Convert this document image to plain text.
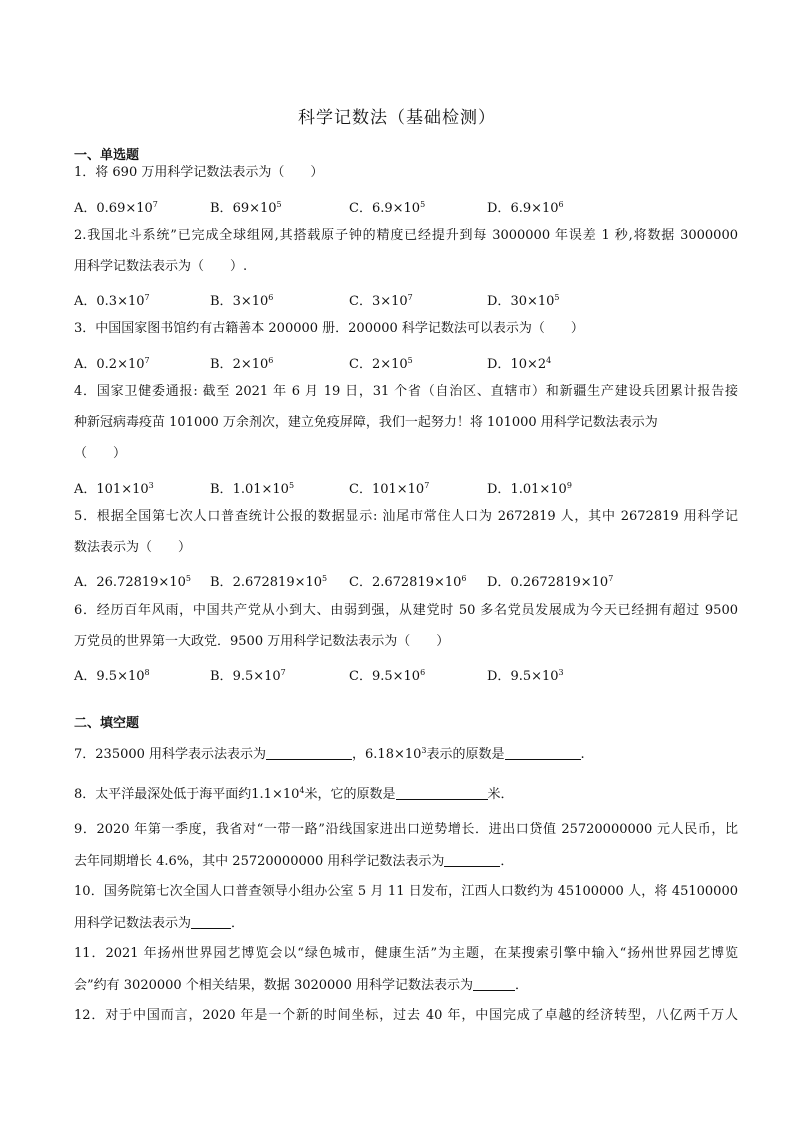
科学记数法（基础检测）
一、单选题
1．将 690 万用科学记数法表示为（　　）
A．$0.69\times 10^7$	B．$69\times 10^5$	C．$6.9\times 10^5$	D．$6.9\times 10^6$
2.我国北斗系统”已完成全球组网,其搭载原子钟的精度已经提升到每 3000000 年误差 1 秒,将数据 3000000
用科学记数法表示为（　　）.
A．$0.3\times 10^7$	B．$3\times 10^6$	C．$3\times 10^7$	D．$30\times 10^5$
3．中国国家图书馆约有古籍善本 200000 册．200000 科学记数法可以表示为（　　）
A．$0.2\times 10^7$	B．$2\times 10^6$	C．$2\times 10^5$	D．$10\times 2^4$
4．国家卫健委通报: 截至 2021 年 6 月 19 日，31 个省（自治区、直辖市）和新疆生产建设兵团累计报告接
种新冠病毒疫苗 101000 万余剂次，建立免疫屏障，我们一起努力！将 101000 用科学记数法表示为
（　　）
A．$101\times 10^3$	B．$1.01\times 10^5$	C．$101\times 10^7$	D．$1.01\times 10^9$
5．根据全国第七次人口普查统计公报的数据显示: 汕尾市常住人口为 2672819 人，其中 2672819 用科学记
数法表示为（　　）
A．$26.72819\times 10^5$ B．$2.672819\times 10^5$ C．$2.672819\times 10^6$ D．$0.2672819\times 10^7$
6．经历百年风雨，中国共产党从小到大、由弱到强，从建党时 50 多名党员发展成为今天已经拥有超过 9500
万党员的世界第一大政党．9500 万用科学记数法表示为（　　）
A．$9.5\times 10^8$	B．$9.5\times 10^7$	C．$9.5\times 10^6$	D．$9.5\times 10^3$
二、填空题
7．235000 用科学表示法表示为	，$6.18\times 10^3$表示的原数是	.
8．太平洋最深处低于海平面约$1.1\times 10^4$米，它的原数是	米．
9．2020 年第一季度，我省对“一带一路”沿线国家进出口逆势增长．进出口贷值 25720000000 元人民币，比
去年同期增长 4.6%，其中 25720000000 用科学记数法表示为	．
10．国务院第七次全国人口普查领导小组办公室 5 月 11 日发布，江西人口数约为 45100000 人，将 45100000
用科学记数法表示为	．
11．2021 年扬州世界园艺博览会以“绿色城市，健康生活”为主题，在某搜索引擎中输入“扬州世界园艺博览
会”约有 3020000 个相关结果，数据 3020000 用科学记数法表示为	．
12．对于中国而言，2020 年是一个新的时间坐标，过去 40 年，中国完成了卓越的经济转型，八亿两千万人
